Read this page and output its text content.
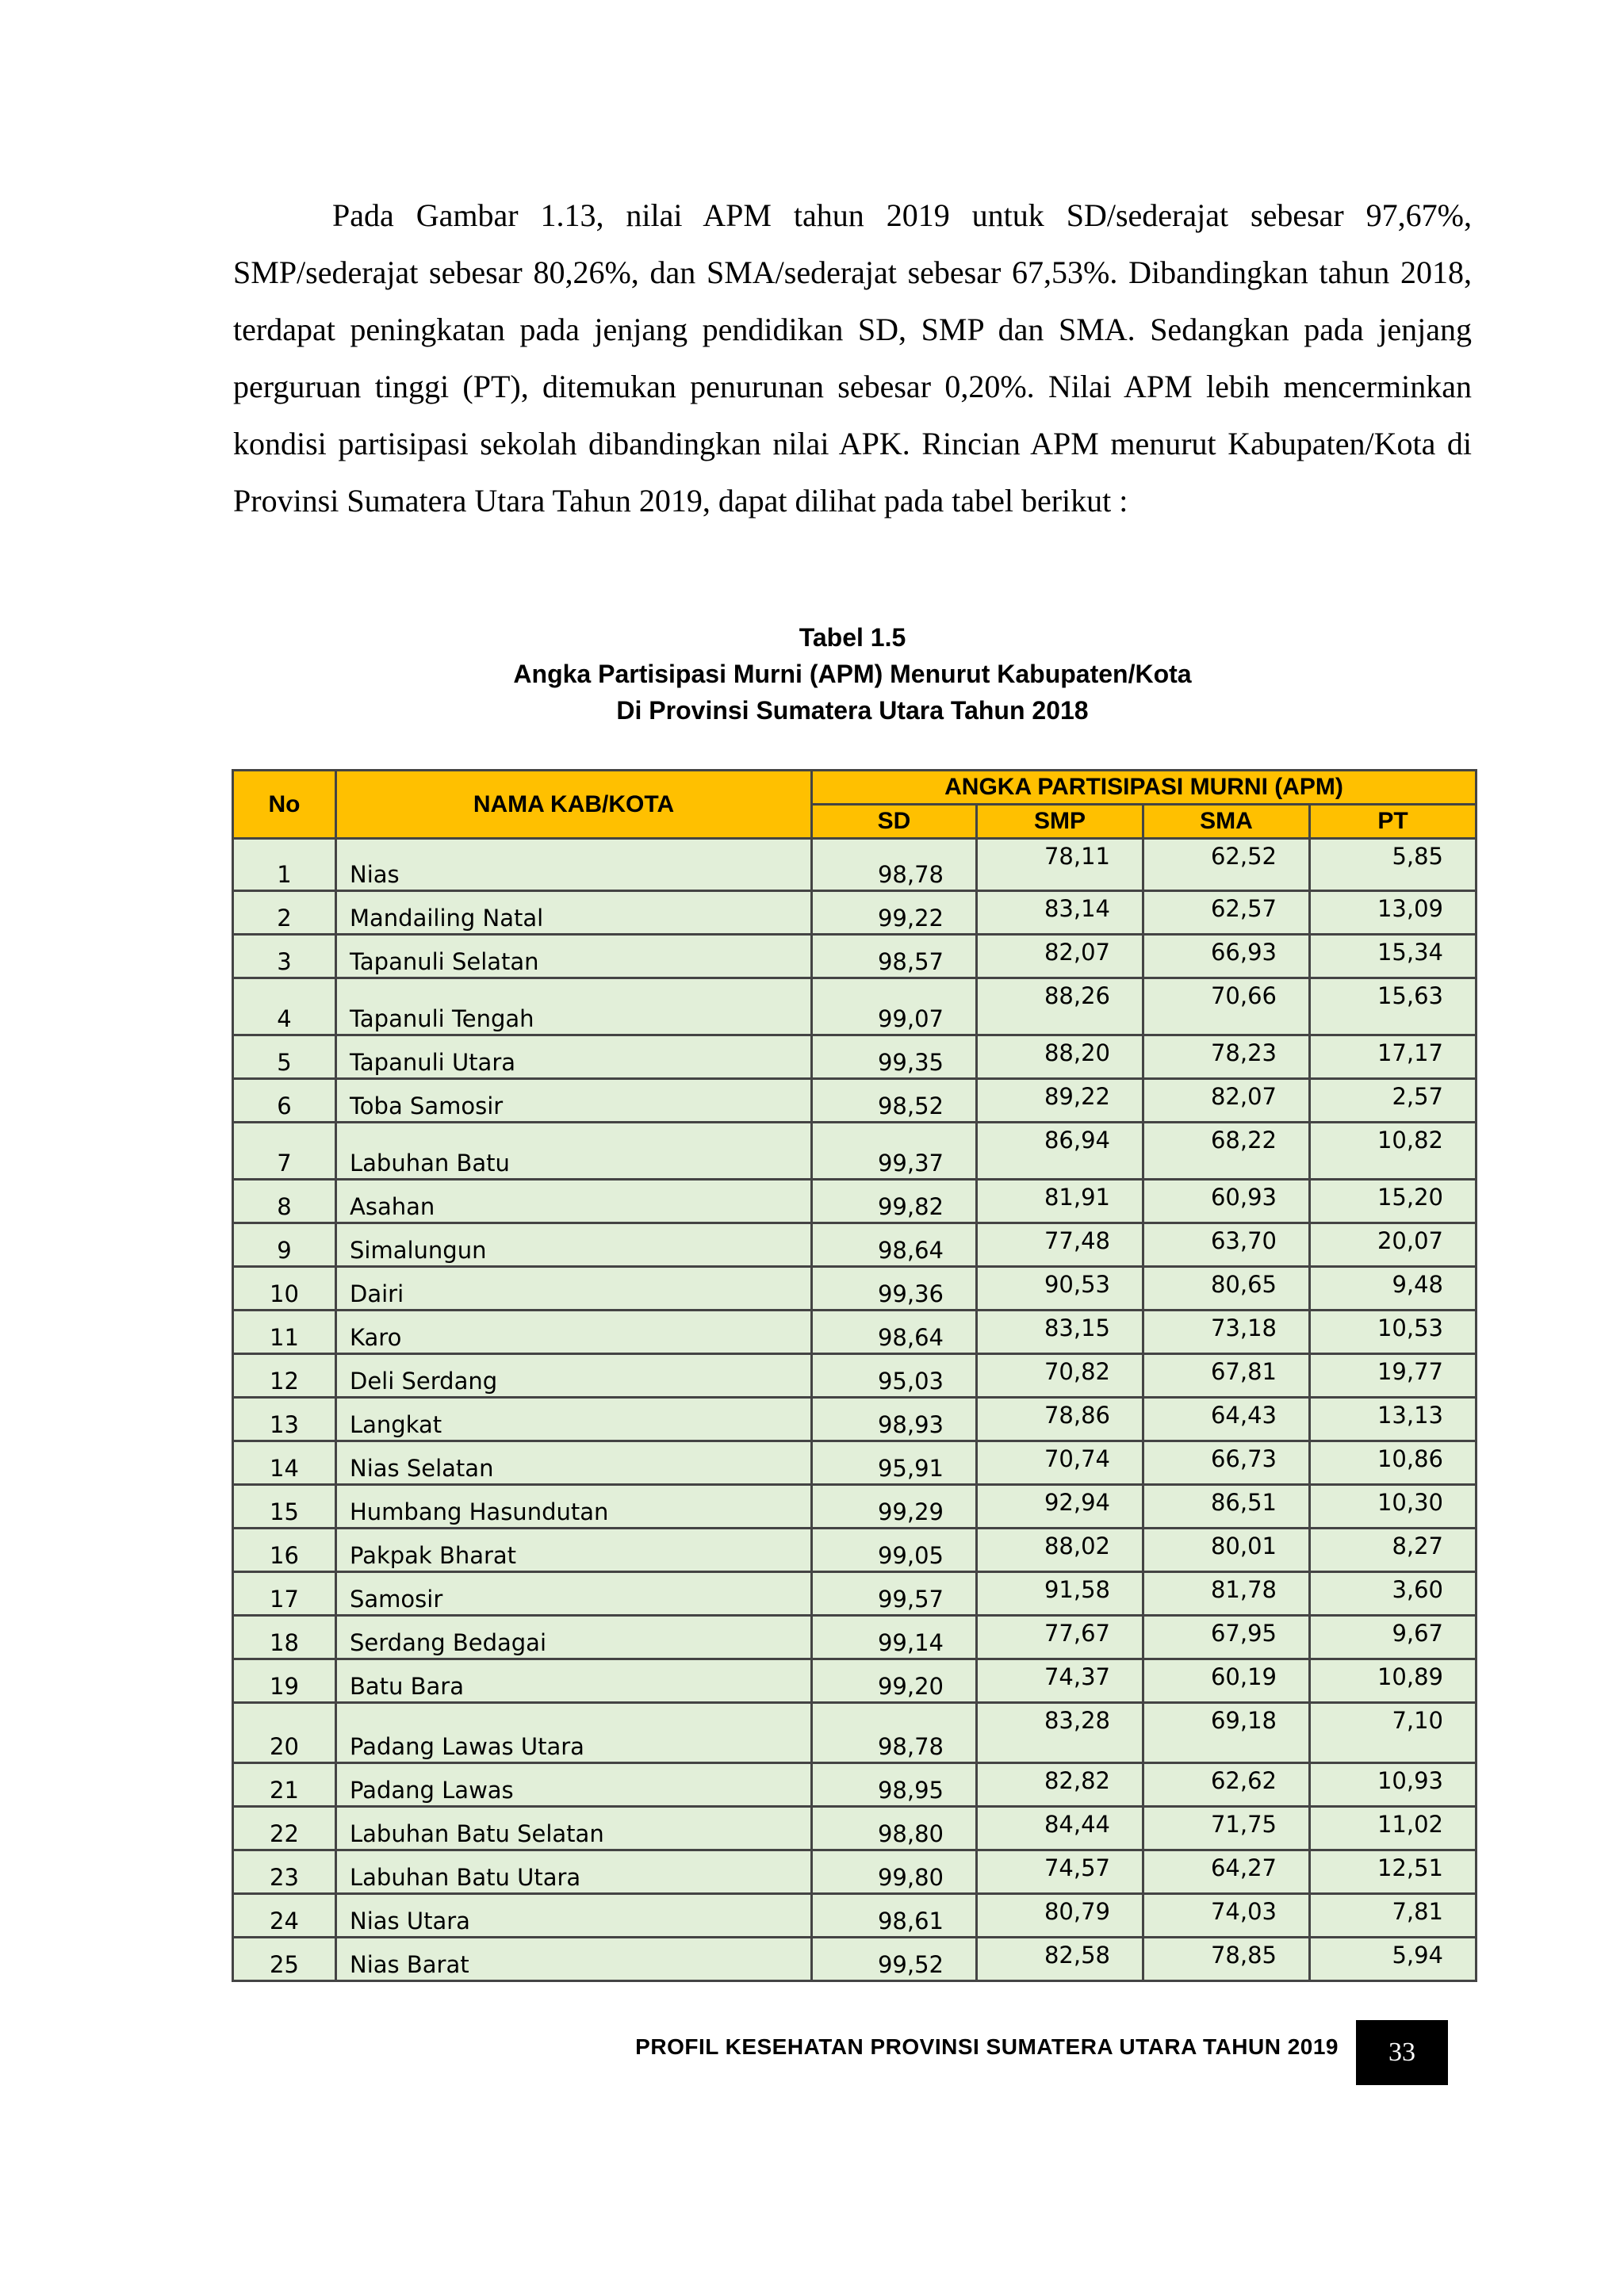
Pada Gambar 1.13, nilai APM tahun 2019 untuk SD/sederajat sebesar 97,67%, SMP/sederajat sebesar 80,26%, dan SMA/sederajat sebesar 67,53%. Dibandingkan tahun 2018, terdapat peningkatan pada jenjang pendidikan SD, SMP dan SMA. Sedangkan pada jenjang perguruan tinggi (PT), ditemukan penurunan sebesar 0,20%. Nilai APM lebih mencerminkan kondisi partisipasi sekolah dibandingkan nilai APK. Rincian APM menurut Kabupaten/Kota di Provinsi Sumatera Utara Tahun 2019, dapat dilihat pada tabel berikut :

Tabel 1.5
Angka Partisipasi Murni (APM) Menurut Kabupaten/Kota
Di Provinsi Sumatera Utara Tahun 2018
No	NAMA KAB/KOTA	ANGKA PARTISIPASI MURNI (APM)			
		SD	SMP	SMA	PT
1	Nias	98,78	78,11	62,52	5,85
2	Mandailing Natal	99,22	83,14	62,57	13,09
3	Tapanuli Selatan	98,57	82,07	66,93	15,34
4	Tapanuli Tengah	99,07	88,26	70,66	15,63
5	Tapanuli Utara	99,35	88,20	78,23	17,17
6	Toba Samosir	98,52	89,22	82,07	2,57
7	Labuhan Batu	99,37	86,94	68,22	10,82
8	Asahan	99,82	81,91	60,93	15,20
9	Simalungun	98,64	77,48	63,70	20,07
10	Dairi	99,36	90,53	80,65	9,48
11	Karo	98,64	83,15	73,18	10,53
12	Deli Serdang	95,03	70,82	67,81	19,77
13	Langkat	98,93	78,86	64,43	13,13
14	Nias Selatan	95,91	70,74	66,73	10,86
15	Humbang Hasundutan	99,29	92,94	86,51	10,30
16	Pakpak Bharat	99,05	88,02	80,01	8,27
17	Samosir	99,57	91,58	81,78	3,60
18	Serdang Bedagai	99,14	77,67	67,95	9,67
19	Batu Bara	99,20	74,37	60,19	10,89
20	Padang Lawas Utara	98,78	83,28	69,18	7,10
21	Padang Lawas	98,95	82,82	62,62	10,93
22	Labuhan Batu Selatan	98,80	84,44	71,75	11,02
23	Labuhan Batu Utara	99,80	74,57	64,27	12,51
24	Nias Utara	98,61	80,79	74,03	7,81
25	Nias Barat	99,52	82,58	78,85	5,94
PROFIL KESEHATAN PROVINSI SUMATERA UTARA TAHUN 2019	33
